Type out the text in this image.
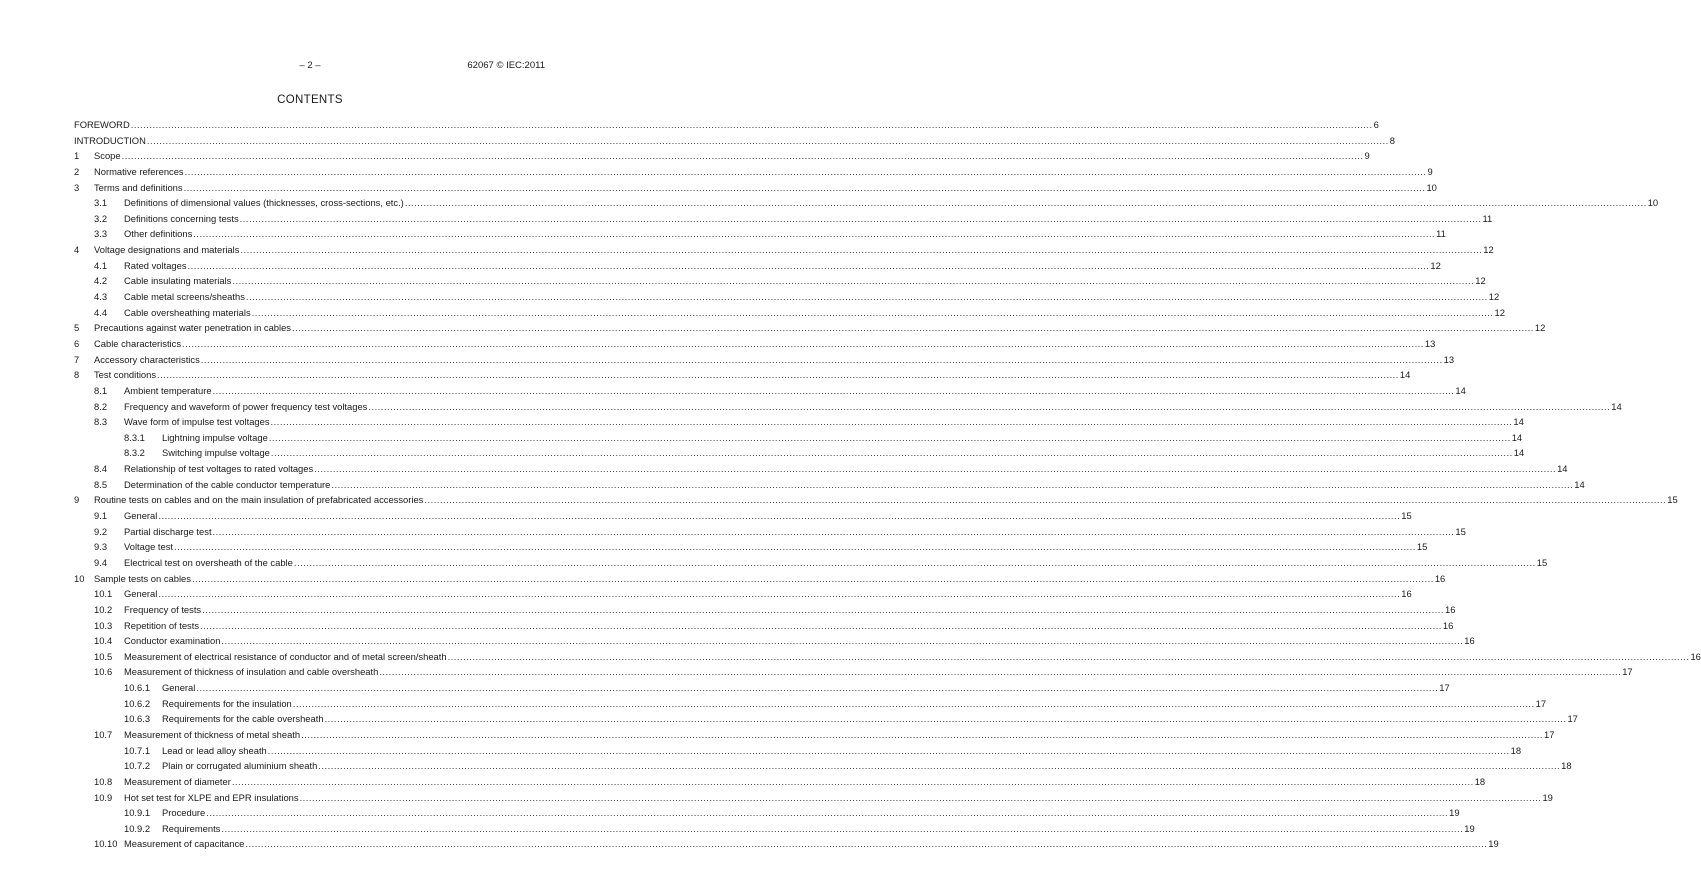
– 2 –	62067 © IEC:2011
CONTENTS
FOREWORD ................................................................................................................................................................................................................................................................................................................................................................................................................ 6
INTRODUCTION ................................................................................................................................................................................................................................................................................................................................................................................................................ 8
1 Scope ................................................................................................................................................................................................................................................................................................................................................................................................................ 9
2 Normative references ................................................................................................................................................................................................................................................................................................................................................................................................................ 9
3 Terms and definitions ................................................................................................................................................................................................................................................................................................................................................................................................................ 10
3.1 Definitions of dimensional values (thicknesses, cross-sections, etc.) ................................................................................................................................................................................................................................................................................................................................................................................................................ 10
3.2 Definitions concerning tests ................................................................................................................................................................................................................................................................................................................................................................................................................ 11
3.3 Other definitions ................................................................................................................................................................................................................................................................................................................................................................................................................ 11
4 Voltage designations and materials ................................................................................................................................................................................................................................................................................................................................................................................................................ 12
4.1 Rated voltages ................................................................................................................................................................................................................................................................................................................................................................................................................ 12
4.2 Cable insulating materials ................................................................................................................................................................................................................................................................................................................................................................................................................ 12
4.3 Cable metal screens/sheaths ................................................................................................................................................................................................................................................................................................................................................................................................................ 12
4.4 Cable oversheathing materials ................................................................................................................................................................................................................................................................................................................................................................................................................ 12
5 Precautions against water penetration in cables ................................................................................................................................................................................................................................................................................................................................................................................................................ 12
6 Cable characteristics ................................................................................................................................................................................................................................................................................................................................................................................................................ 13
7 Accessory characteristics ................................................................................................................................................................................................................................................................................................................................................................................................................ 13
8 Test conditions ................................................................................................................................................................................................................................................................................................................................................................................................................ 14
8.1 Ambient temperature ................................................................................................................................................................................................................................................................................................................................................................................................................ 14
8.2 Frequency and waveform of power frequency test voltages ................................................................................................................................................................................................................................................................................................................................................................................................................ 14
8.3 Wave form of impulse test voltages ................................................................................................................................................................................................................................................................................................................................................................................................................ 14
8.3.1 Lightning impulse voltage ................................................................................................................................................................................................................................................................................................................................................................................................................ 14
8.3.2 Switching impulse voltage ................................................................................................................................................................................................................................................................................................................................................................................................................ 14
8.4 Relationship of test voltages to rated voltages ................................................................................................................................................................................................................................................................................................................................................................................................................ 14
8.5 Determination of the cable conductor temperature ................................................................................................................................................................................................................................................................................................................................................................................................................ 14
9 Routine tests on cables and on the main insulation of prefabricated accessories ................................................................................................................................................................................................................................................................................................................................................................................................................ 15
9.1 General ................................................................................................................................................................................................................................................................................................................................................................................................................ 15
9.2 Partial discharge test ................................................................................................................................................................................................................................................................................................................................................................................................................ 15
9.3 Voltage test ................................................................................................................................................................................................................................................................................................................................................................................................................ 15
9.4 Electrical test on oversheath of the cable ................................................................................................................................................................................................................................................................................................................................................................................................................ 15
10 Sample tests on cables ................................................................................................................................................................................................................................................................................................................................................................................................................ 16
10.1 General ................................................................................................................................................................................................................................................................................................................................................................................................................ 16
10.2 Frequency of tests ................................................................................................................................................................................................................................................................................................................................................................................................................ 16
10.3 Repetition of tests ................................................................................................................................................................................................................................................................................................................................................................................................................ 16
10.4 Conductor examination ................................................................................................................................................................................................................................................................................................................................................................................................................ 16
10.5 Measurement of electrical resistance of conductor and of metal screen/sheath ................................................................................................................................................................................................................................................................................................................................................................................................................ 16
10.6 Measurement of thickness of insulation and cable oversheath ................................................................................................................................................................................................................................................................................................................................................................................................................ 17
10.6.1 General ................................................................................................................................................................................................................................................................................................................................................................................................................ 17
10.6.2 Requirements for the insulation ................................................................................................................................................................................................................................................................................................................................................................................................................ 17
10.6.3 Requirements for the cable oversheath ................................................................................................................................................................................................................................................................................................................................................................................................................ 17
10.7 Measurement of thickness of metal sheath ................................................................................................................................................................................................................................................................................................................................................................................................................ 17
10.7.1 Lead or lead alloy sheath ................................................................................................................................................................................................................................................................................................................................................................................................................ 18
10.7.2 Plain or corrugated aluminium sheath ................................................................................................................................................................................................................................................................................................................................................................................................................ 18
10.8 Measurement of diameter ................................................................................................................................................................................................................................................................................................................................................................................................................ 18
10.9 Hot set test for XLPE and EPR insulations ................................................................................................................................................................................................................................................................................................................................................................................................................ 19
10.9.1 Procedure ................................................................................................................................................................................................................................................................................................................................................................................................................ 19
10.9.2 Requirements ................................................................................................................................................................................................................................................................................................................................................................................................................ 19
10.10 Measurement of capacitance ................................................................................................................................................................................................................................................................................................................................................................................................................ 19
